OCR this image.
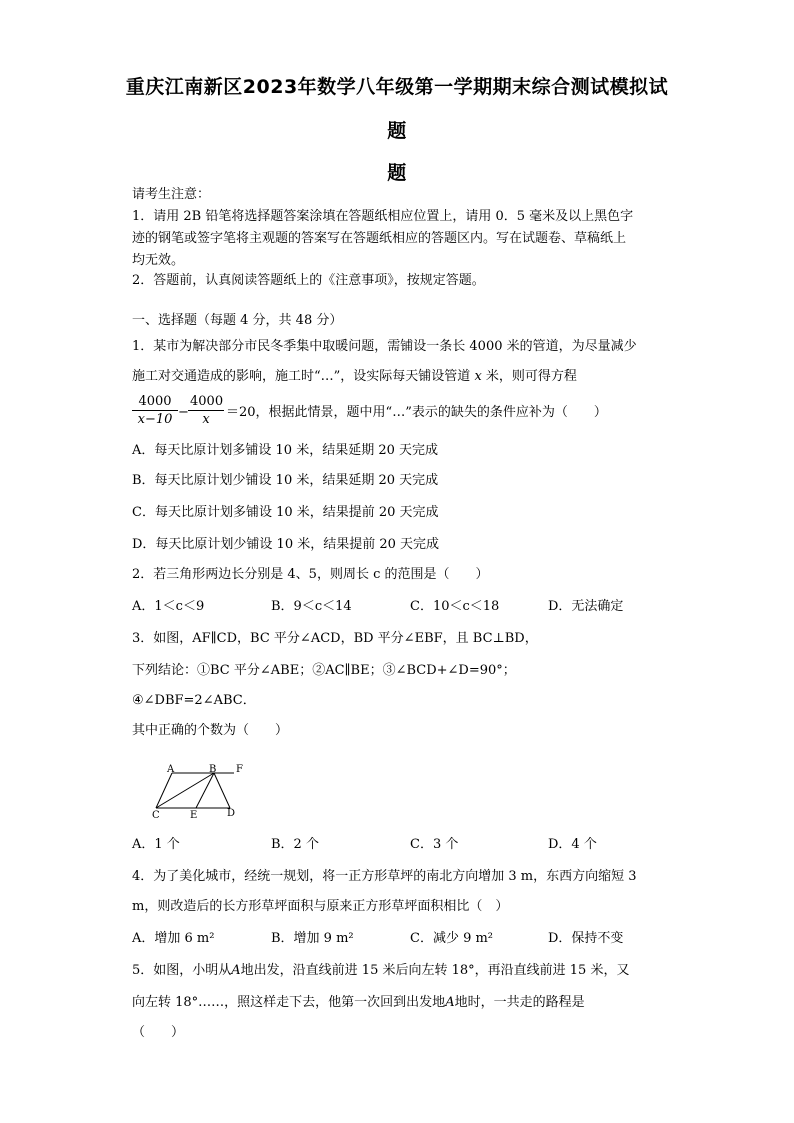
重庆江南新区2023年数学八年级第一学期期末综合测试模拟试
题
题
请考生注意：
1．请用 2B 铅笔将选择题答案涂填在答题纸相应位置上，请用 0．5 毫米及以上黑色字
迹的钢笔或签字笔将主观题的答案写在答题纸相应的答题区内。写在试题卷、草稿纸上
均无效。
2．答题前，认真阅读答题纸上的《注意事项》，按规定答题。
一、选择题（每题 4 分，共 48 分）
1．某市为解决部分市民冬季集中取暖问题，需铺设一条长 4000 米的管道，为尽量减少
施工对交通造成的影响，施工时“…”，设实际每天铺设管道 x 米，则可得方程
$\frac{4000}{x-10} - \frac{4000}{x} =20$，根据此情景，题中用“…”表示的缺失的条件应补为（　　）
A．每天比原计划多铺设 10 米，结果延期 20 天完成
B．每天比原计划少铺设 10 米，结果延期 20 天完成
C．每天比原计划多铺设 10 米，结果提前 20 天完成
D．每天比原计划少铺设 10 米，结果提前 20 天完成
2．若三角形两边长分别是 4、5，则周长 c 的范围是（　　）
A．1＜c＜9	B．9＜c＜14	C．10＜c＜18	D．无法确定
3．如图，AF∥CD，BC 平分∠ACD，BD 平分∠EBF，且 BC⊥BD，
下列结论：①BC 平分∠ABE；②AC∥BE；③∠BCD+∠D=90°；
④∠DBF=2∠ABC．
其中正确的个数为（　　）
A	B F
C	E	D
A．1 个	B．2 个	C．3 个	D．4 个
4．为了美化城市，经统一规划，将一正方形草坪的南北方向增加 3 m，东西方向缩短 3
m，则改造后的长方形草坪面积与原来正方形草坪面积相比（　）
A．增加 6 m²	B．增加 9 m²	C．减少 9 m²	D．保持不变
5．如图，小明从A地出发，沿直线前进 15 米后向左转 18°，再沿直线前进 15 米，又
向左转 18°……，照这样走下去，他第一次回到出发地A地时，一共走的路程是
（　　）
